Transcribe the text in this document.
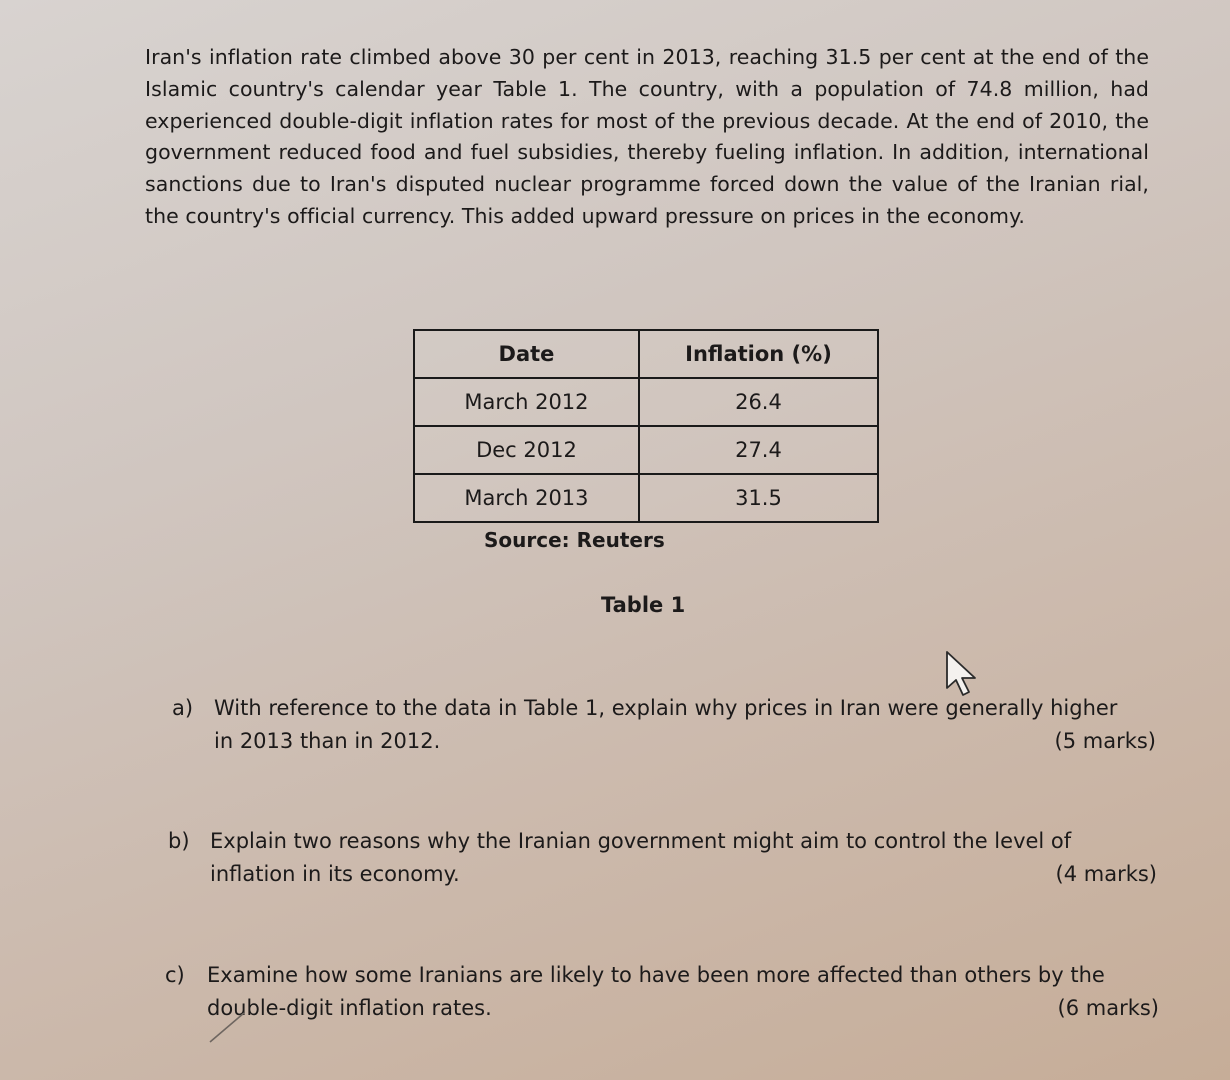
Iran's inflation rate climbed above 30 per cent in 2013, reaching 31.5 per cent at the end of the Islamic country's calendar year Table 1. The country, with a population of 74.8 million, had experienced double-digit inflation rates for most of the previous decade. At the end of 2010, the government reduced food and fuel subsidies, thereby fueling inflation. In addition, international sanctions due to Iran's disputed nuclear programme forced down the value of the Iranian rial, the country's official currency. This added upward pressure on prices in the economy.

Date	Inflation (%)
March 2012	26.4
Dec 2012	27.4
March 2013	31.5
Source: Reuters
Table 1
a) With reference to the data in Table 1, explain why prices in Iran were generally higher
in 2013 than in 2012.	(5 marks)
b) Explain two reasons why the Iranian government might aim to control the level of
inflation in its economy.	(4 marks)
c) Examine how some Iranians are likely to have been more affected than others by the
double-digit inflation rates.	(6 marks)
